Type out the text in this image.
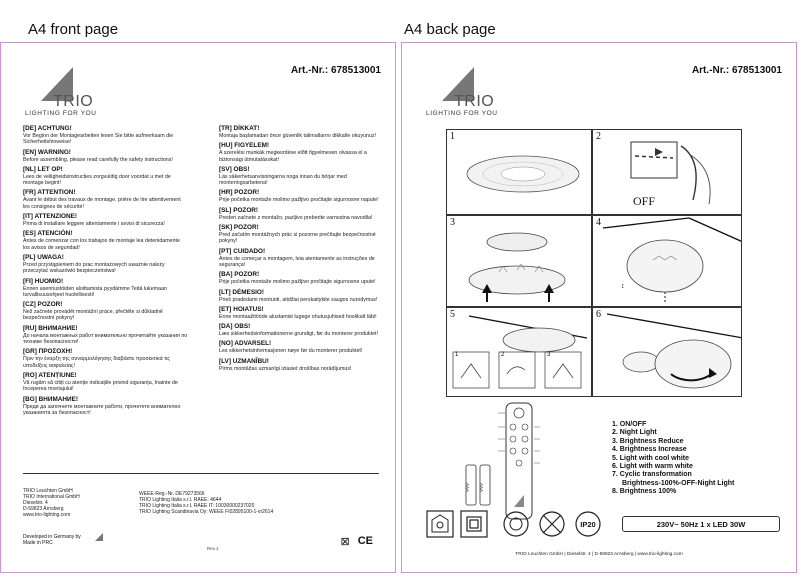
A4 front page	A4 back page
Art.-Nr.: 678513001
TRIO
LIGHTING FOR YOU
[DE] ACHTUNG!
Vor Beginn der Montagearbeiten lesen Sie bitte aufmerksam die Sicherheitshinweise!
[EN] WARNING!
Before assembling, please read carefully the safety instructions!
[NL] LET OP!
Lees de veiligheidsinstructies zorgvuldig door voordat u met de montage begint!
[FR] ATTENTION!
Avant le début des travaux de montage, prière de lire attentivement les consignes de sécurité!
[IT] ATTENZIONE!
Prima di installare leggere attentamente i avvisi di sicurezza!
[ES] ATENCIÓN!
Antes de comenzar con los trabajos de montaje lea detenidamente los avisos de seguridad!
[PL] UWAGA!
Przed przystąpieniem do prac montażowych uważnie należy przeczytać wskazówki bezpieczeństwa!
[FI] HUOMIO!
Ennen asennustöiden aloittamista pyydämme Teitä lukemaan turvallisuusohjeet huolellisesti!
[CZ] POZOR!
Než začnete provádět montážní práce, přečtěte si důkladně bezpečnostní pokyny!
[RU] ВНИМАНИЕ!
До начала монтажных работ внимательно прочитайте указания по технике безопасности!
[GR] ΠΡΟΣΟΧΗ!
Πριν την έναρξη της συναρμολόγησης διαβάστε προσεκτικά τις υποδείξεις ασφαλείας!
[RO] ATENȚIUNE!
Vă rugăm să citiți cu atenție indicațiile privind siguranța, înainte de începerea montajului!
[BG] ВНИМАНИЕ!
Преди да започнете монтажните работи, прочетете внимателно указанията за безопасност!
[TR] DİKKAT!
Montaja başlamadan önce güvenlik talimatlarını dikkatle okuyunuz!
[HU] FIGYELEM!
A szerelési munkák megkezdése előtt figyelmesen olvassa el a biztonsági útmutatásokat!
[SV] OBS!
Läs säkerhetsanvisningarna noga innan du börjar med monteringsarbetena!
[HR] POZOR!
Prije početka montaže molimo pažljivo pročitajte sigurnosne napute!
[SL] POZOR!
Preden začnete z montažo, pazljivo preberite varnostna navodila!
[SK] POZOR!
Pred začatím montážnych prác si pozorne prečítajte bezpečnostné pokyny!
[PT] CUIDADO!
Antes de começar a montagem, leia atentamente as instruções de segurança!
[BA] POZOR!
Prije početka montaže molimo pažljivo pročitajte sigurnosne upute!
[LT] DĖMESIO!
Prieš pradėdami montuoti, atidžiai perskaitykite saugos nurodymus!
[ET] HOIATUS!
Enne montaažitööde alustamist lugege ohutusjuhised hoolikalt läbi!
[DA] OBS!
Læs sikkerhedsinformationerne grundigt, før du monterer produktet!
[NO] ADVARSEL!
Les sikkerhetsinformasjonen nøye før du monterer produktet!
[LV] UZMANĪBU!
Pirms montāžas uzmanīgi izlasiet drošības norādījumus!
TRIO Leuchten GmbH
TRIO International GmbH
Dieselstr. 4
D-59823 Arnsberg
www.trio-lighting.com
WEEE-Reg.-Nr. DE79273566
TRIO Lighting Italia s.r.l. RAEE: 4644
TRIO Lighting Italia s.r.l. RAEE IT: 10030000237020
TRIO Lighting Scandinavia Oy: WEEE FI02895100-1-vr2614
Developed in Germany by
Made in PRC
Rev.1
⊠ CE
Art.-Nr.: 678513001
TRIO
LIGHTING FOR YOU
1	2
OFF
3	4
↕
5
1	2	3
6
AAA AAA
1. ON/OFF
2. Night Light
3. Brightness Reduce
4. Brightness Increase
5. Light with cool white
6. Light with warm white
7. Cyclic transformation
Brightness-100%-OFF-Night Light
8. Brightness 100%
IP20	230V~ 50Hz 1 x LED 30W
TRIO Leuchten GmbH | Dieselstr. 4 | D-59823 Arnsberg | www.trio-lighting.com
